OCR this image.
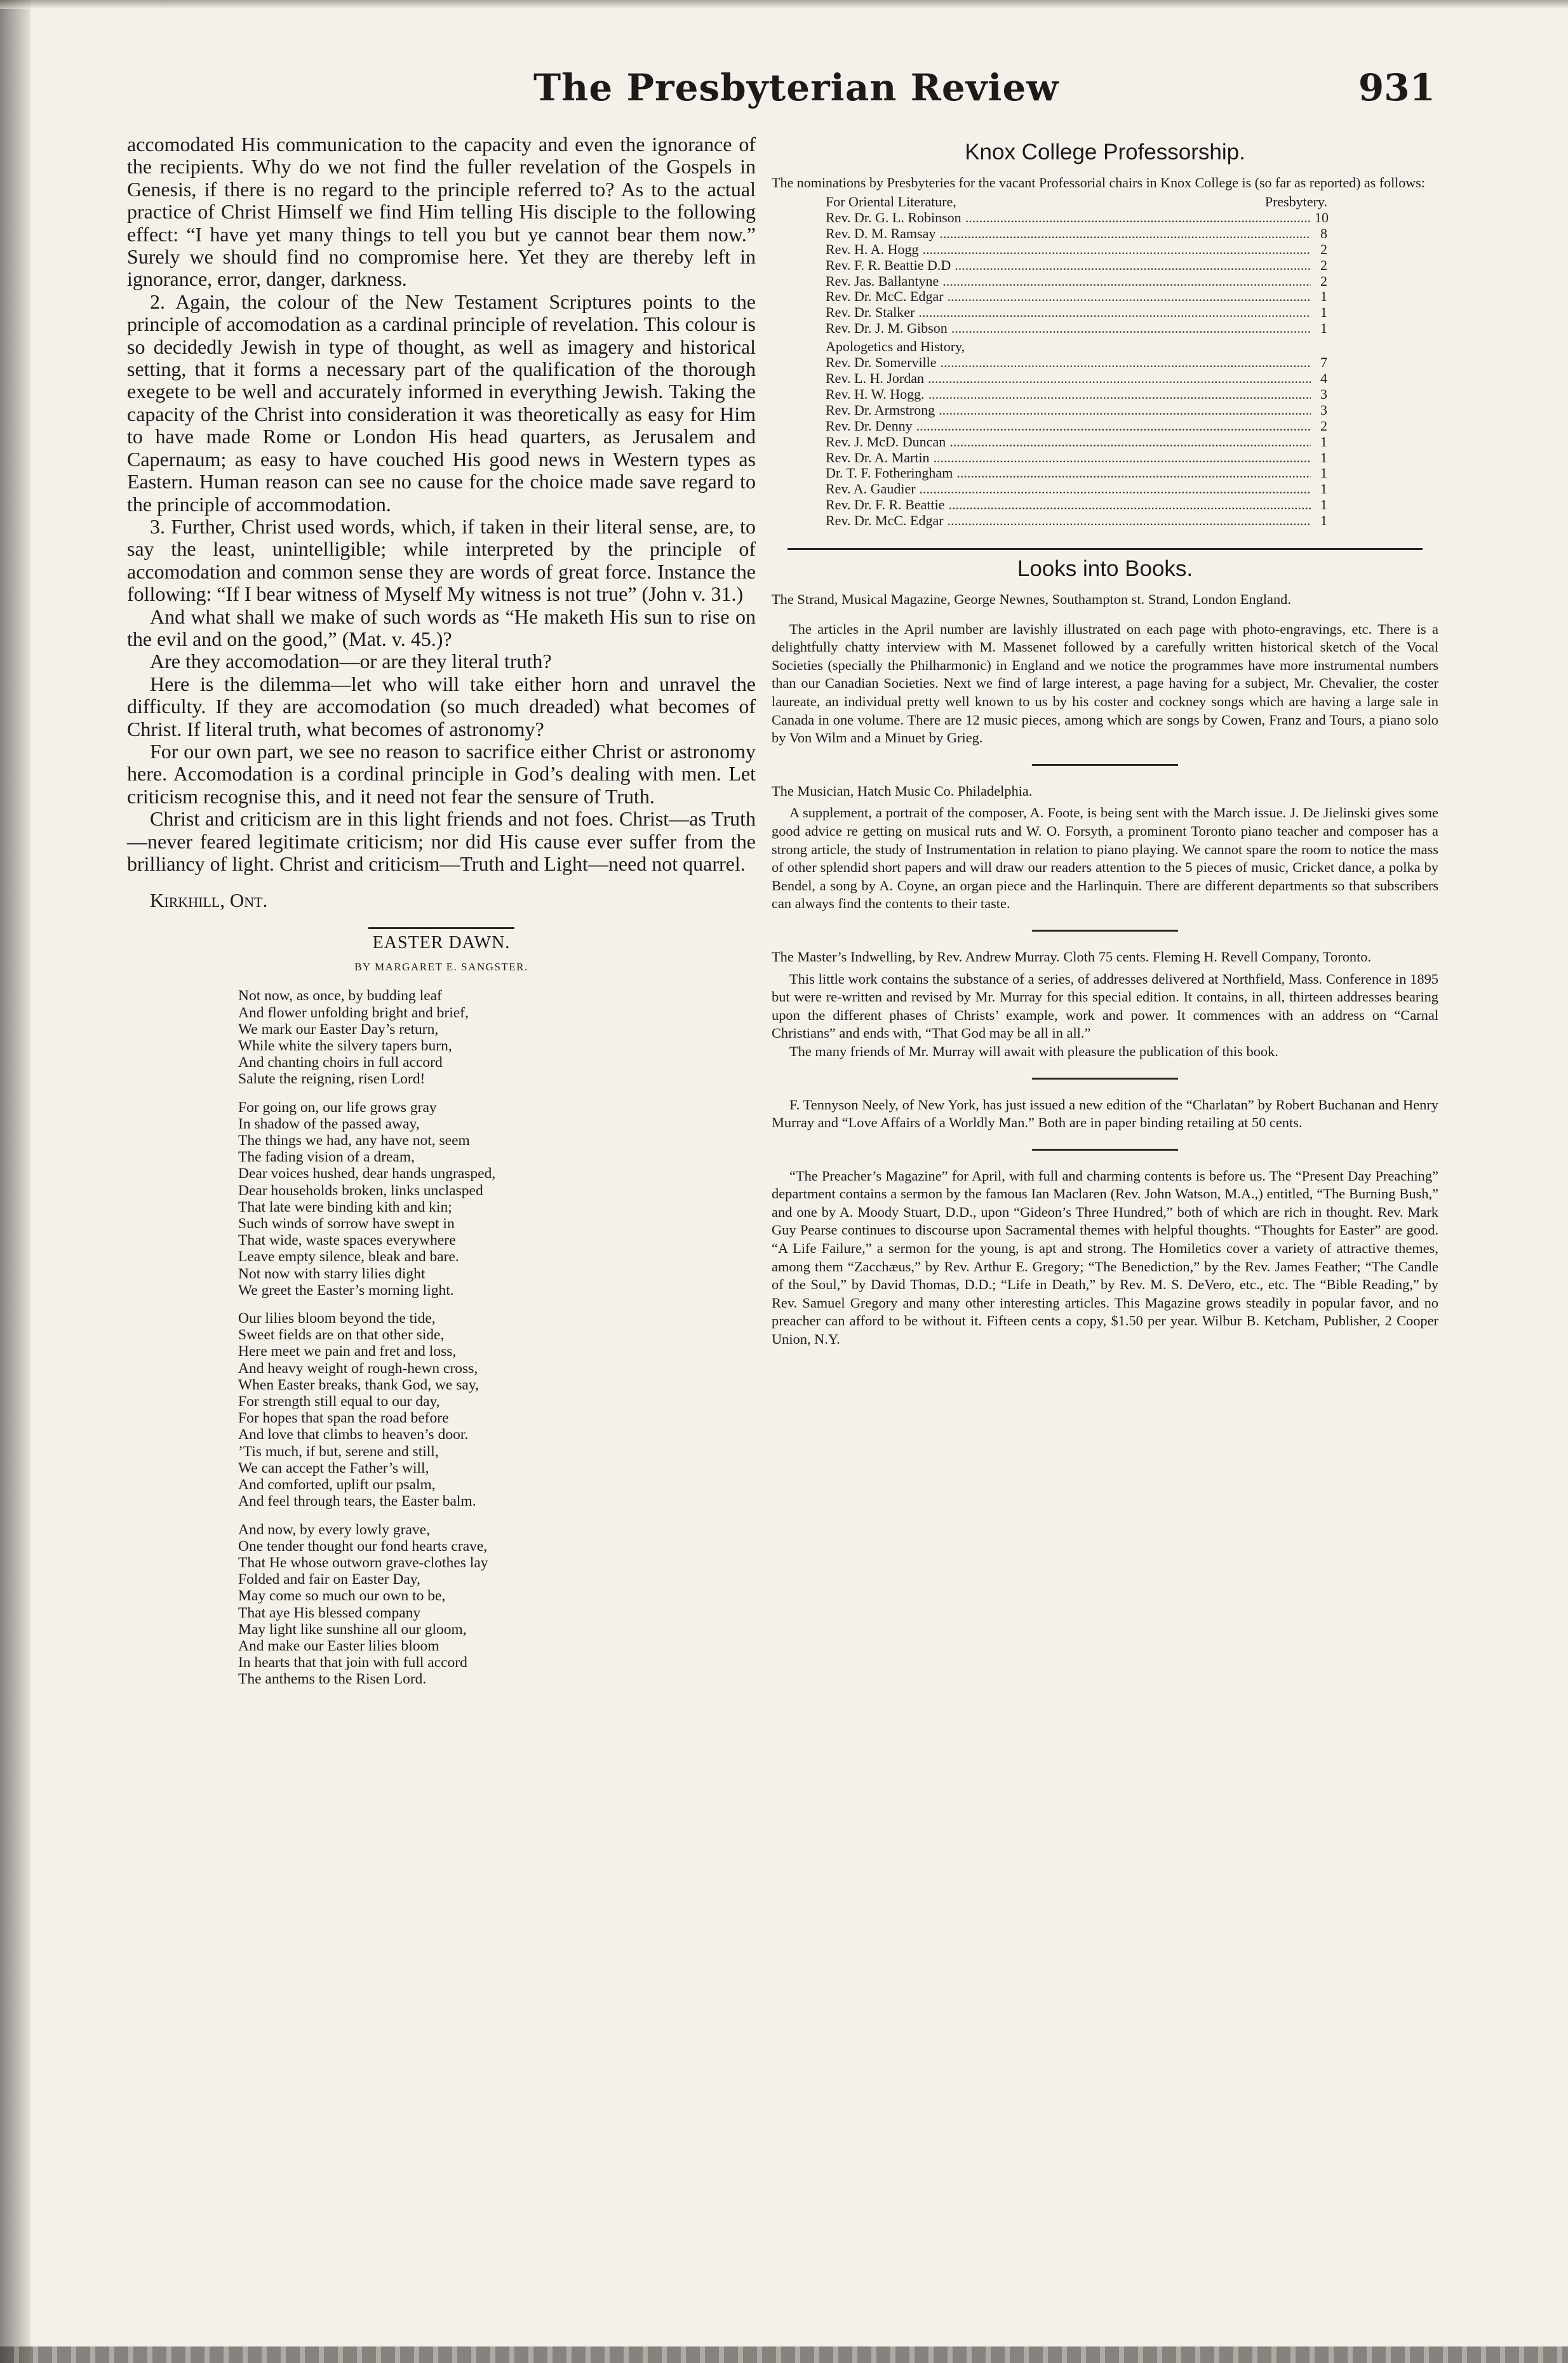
The Presbyterian Review	931

accomodated His communication to the capacity and even the ignorance of the recipients. Why do we not find the fuller revelation of the Gospels in Genesis, if there is no regard to the principle referred to? As to the actual practice of Christ Himself we find Him telling His disciple to the following effect: “I have yet many things to tell you but ye cannot bear them now.” Surely we should find no compromise here. Yet they are thereby left in ignorance, error, danger, darkness.

2. Again, the colour of the New Testament Scriptures points to the principle of accomodation as a cardinal principle of revelation. This colour is so decidedly Jewish in type of thought, as well as imagery and historical setting, that it forms a necessary part of the qualification of the thorough exegete to be well and accurately informed in everything Jewish. Taking the capacity of the Christ into consideration it was theoretically as easy for Him to have made Rome or London His head quarters, as Jerusalem and Capernaum; as easy to have couched His good news in Western types as Eastern. Human reason can see no cause for the choice made save regard to the principle of accommodation.

3. Further, Christ used words, which, if taken in their literal sense, are, to say the least, unintelligible; while interpreted by the principle of accomodation and common sense they are words of great force. Instance the following: “If I bear witness of Myself My witness is not true” (John v. 31.)

And what shall we make of such words as “He maketh His sun to rise on the evil and on the good,” (Mat. v. 45.)?

Are they accomodation—or are they literal truth?

Here is the dilemma—let who will take either horn and unravel the difficulty. If they are accomodation (so much dreaded) what becomes of Christ. If literal truth, what becomes of astronomy?

For our own part, we see no reason to sacrifice either Christ or astronomy here. Accomodation is a cordinal principle in God’s dealing with men. Let criticism recognise this, and it need not fear the sensure of Truth.

Christ and criticism are in this light friends and not foes. Christ—as Truth—never feared legitimate criticism; nor did His cause ever suffer from the brilliancy of light. Christ and criticism—Truth and Light—need not quarrel.

Kirkhill, Ont.
EASTER DAWN.
BY MARGARET E. SANGSTER.
Not now, as once, by budding leaf
And flower unfolding bright and brief,
We mark our Easter Day’s return,
While white the silvery tapers burn,
And chanting choirs in full accord
Salute the reigning, risen Lord!
For going on, our life grows gray
In shadow of the passed away,
The things we had, any have not, seem
The fading vision of a dream,
Dear voices hushed, dear hands ungrasped,
Dear households broken, links unclasped
That late were binding kith and kin;
Such winds of sorrow have swept in
That wide, waste spaces everywhere
Leave empty silence, bleak and bare.
Not now with starry lilies dight
We greet the Easter’s morning light.
Our lilies bloom beyond the tide,
Sweet fields are on that other side,
Here meet we pain and fret and loss,
And heavy weight of rough-hewn cross,
When Easter breaks, thank God, we say,
For strength still equal to our day,
For hopes that span the road before
And love that climbs to heaven’s door.
’Tis much, if but, serene and still,
We can accept the Father’s will,
And comforted, uplift our psalm,
And feel through tears, the Easter balm.
And now, by every lowly grave,
One tender thought our fond hearts crave,
That He whose outworn grave-clothes lay
Folded and fair on Easter Day,
May come so much our own to be,
That aye His blessed company
May light like sunshine all our gloom,
And make our Easter lilies bloom
In hearts that that join with full accord
The anthems to the Risen Lord.
Knox College Professorship.
The nominations by Presbyteries for the vacant Professorial chairs in Knox College is (so far as reported) as follows:
For Oriental Literature,	Presbytery.
Rev. Dr. G. L. Robinson .....	10
Rev. D. M. Ramsay .....	8
Rev. H. A. Hogg .....	2
Rev. F. R. Beattie D.D .....	2
Rev. Jas. Ballantyne .....	2
Rev. Dr. McC. Edgar .....	1
Rev. Dr. Stalker .....	1
Rev. Dr. J. M. Gibson .....	1
Apologetics and History,
Rev. Dr. Somerville .....	7
Rev. L. H. Jordan .....	4
Rev. H. W. Hogg. .....	3
Rev. Dr. Armstrong .....	3
Rev. Dr. Denny .....	2
Rev. J. McD. Duncan .....	1
Rev. Dr. A. Martin .....	1
Dr. T. F. Fotheringham .....	1
Rev. A. Gaudier .....	1
Rev. Dr. F. R. Beattie .....	1
Rev. Dr. McC. Edgar .....	1
Looks into Books.

The Strand, Musical Magazine, George Newnes, Southampton st. Strand, London England.

The articles in the April number are lavishly illustrated on each page with photo-engravings, etc. There is a delightfully chatty interview with M. Massenet followed by a carefully written historical sketch of the Vocal Societies (specially the Philharmonic) in England and we notice the programmes have more instrumental numbers than our Canadian Societies. Next we find of large interest, a page having for a subject, Mr. Chevalier, the coster laureate, an individual pretty well known to us by his coster and cockney songs which are having a large sale in Canada in one volume. There are 12 music pieces, among which are songs by Cowen, Franz and Tours, a piano solo by Von Wilm and a Minuet by Grieg.

The Musician, Hatch Music Co. Philadelphia.

A supplement, a portrait of the composer, A. Foote, is being sent with the March issue. J. De Jielinski gives some good advice re getting on musical ruts and W. O. Forsyth, a prominent Toronto piano teacher and composer has a strong article, the study of Instrumentation in relation to piano playing. We cannot spare the room to notice the mass of other splendid short papers and will draw our readers attention to the 5 pieces of music, Cricket dance, a polka by Bendel, a song by A. Coyne, an organ piece and the Harlinquin. There are different departments so that subscribers can always find the contents to their taste.

The Master’s Indwelling, by Rev. Andrew Murray. Cloth 75 cents. Fleming H. Revell Company, Toronto.

This little work contains the substance of a series, of addresses delivered at Northfield, Mass. Conference in 1895 but were re-written and revised by Mr. Murray for this special edition. It contains, in all, thirteen addresses bearing upon the different phases of Christs’ example, work and power. It commences with an address on “Carnal Christians” and ends with, “That God may be all in all.”

The many friends of Mr. Murray will await with pleasure the publication of this book.

F. Tennyson Neely, of New York, has just issued a new edition of the “Charlatan” by Robert Buchanan and Henry Murray and “Love Affairs of a Worldly Man.” Both are in paper binding retailing at 50 cents.

“The Preacher’s Magazine” for April, with full and charming contents is before us. The “Present Day Preaching” department contains a sermon by the famous Ian Maclaren (Rev. John Watson, M.A.,) entitled, “The Burning Bush,” and one by A. Moody Stuart, D.D., upon “Gideon’s Three Hundred,” both of which are rich in thought. Rev. Mark Guy Pearse continues to discourse upon Sacramental themes with helpful thoughts. “Thoughts for Easter” are good. “A Life Failure,” a sermon for the young, is apt and strong. The Homiletics cover a variety of attractive themes, among them “Zacchæus,” by Rev. Arthur E. Gregory; “The Benediction,” by the Rev. James Feather; “The Candle of the Soul,” by David Thomas, D.D.; “Life in Death,” by Rev. M. S. DeVero, etc., etc. The “Bible Reading,” by Rev. Samuel Gregory and many other interesting articles. This Magazine grows steadily in popular favor, and no preacher can afford to be without it. Fifteen cents a copy, $1.50 per year. Wilbur B. Ketcham, Publisher, 2 Cooper Union, N.Y.
